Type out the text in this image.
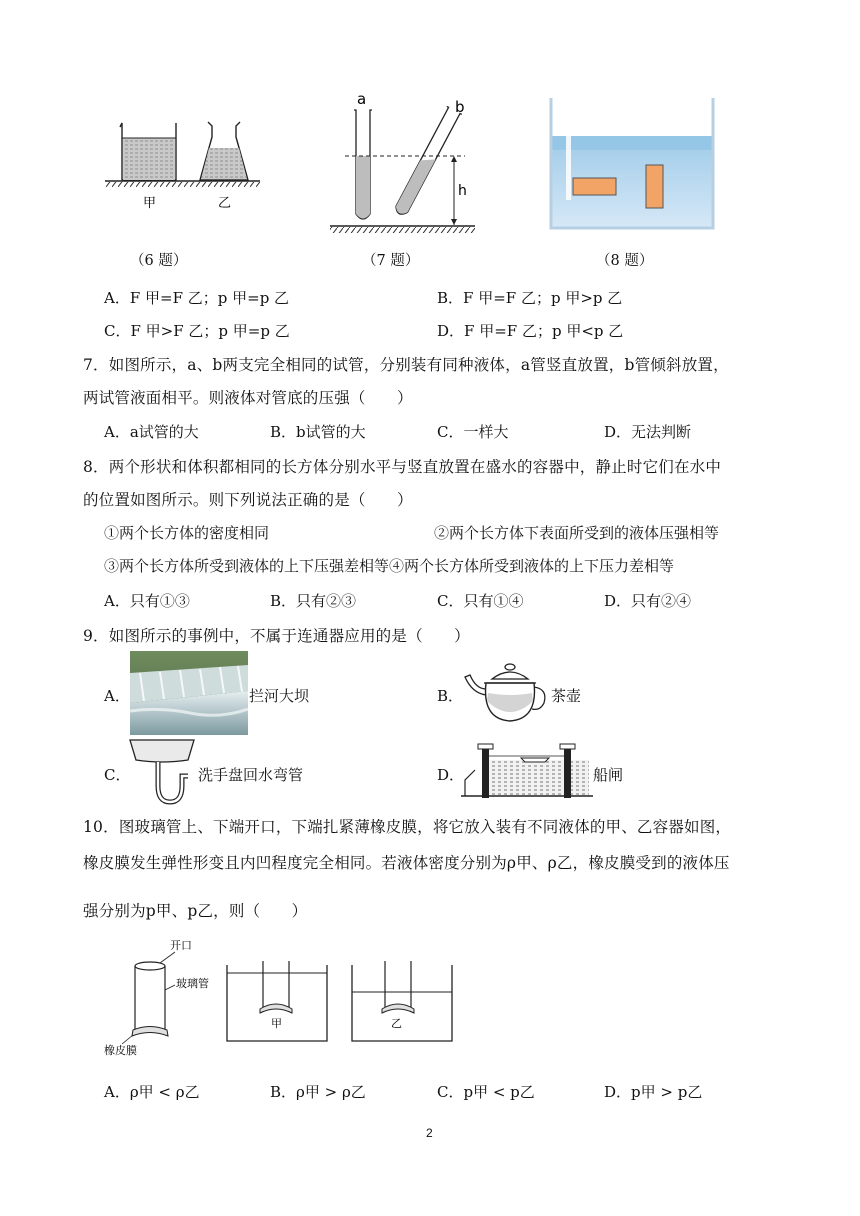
甲	乙
a	b
h
（6 题）	（7 题）	（8 题）
A．F 甲=F 乙；p 甲=p 乙	B．F 甲=F 乙；p 甲>p 乙
C．F 甲>F 乙；p 甲=p 乙	D．F 甲=F 乙；p 甲<p 乙
7．如图所示，a、b两支完全相同的试管，分别装有同种液体，a管竖直放置，b管倾斜放置，
两试管液面相平。则液体对管底的压强（　　）
A．a试管的大	B．b试管的大	C．一样大	D．无法判断
8．两个形状和体积都相同的长方体分别水平与竖直放置在盛水的容器中，静止时它们在水中
的位置如图所示。则下列说法正确的是（　　）
①两个长方体的密度相同	②两个长方体下表面所受到的液体压强相等
③两个长方体所受到液体的上下压强差相等④两个长方体所受到液体的上下压力差相等
A．只有①③	B．只有②③	C．只有①④	D．只有②④
9．如图所示的事例中，不属于连通器应用的是（　　）
A．	拦河大坝	B．	茶壶
C．	洗手盘回水弯管	D．	船闸
10．图玻璃管上、下端开口，下端扎紧薄橡皮膜，将它放入装有不同液体的甲、乙容器如图，
橡皮膜发生弹性形变且内凹程度完全相同。若液体密度分别为ρ甲、ρ乙，橡皮膜受到的液体压
强分别为p甲、p乙，则（　　）
开口
玻璃管
橡皮膜
甲	乙
A．ρ甲 < ρ乙	B．ρ甲 > ρ乙	C．p甲 < p乙	D．p甲 > p乙
2
